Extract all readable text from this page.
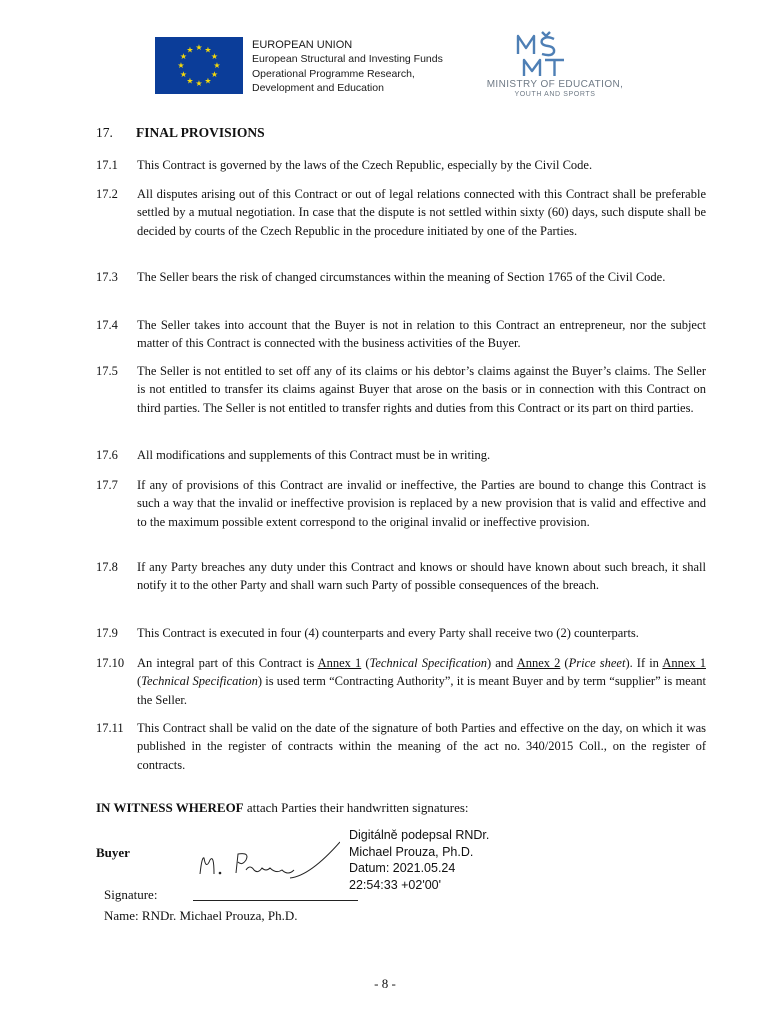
★ ★
★
★
★
★
★
★
★
★
★
★	EUROPEAN UNION
European Structural and Investing Funds
Operational Programme Research,
Development and Education
MŠMT
MINISTRY OF EDUCATION,
YOUTH AND SPORTS
17. FINAL PROVISIONS
17.1 This Contract is governed by the laws of the Czech Republic, especially by the Civil Code.
17.2 All disputes arising out of this Contract or out of legal relations connected with this Contract shall be preferable settled by a mutual negotiation. In case that the dispute is not settled within sixty (60) days, such dispute shall be decided by courts of the Czech Republic in the procedure initiated by one of the Parties.
17.3 The Seller bears the risk of changed circumstances within the meaning of Section 1765 of the Civil Code.
17.4 The Seller takes into account that the Buyer is not in relation to this Contract an entrepreneur, nor the subject matter of this Contract is connected with the business activities of the Buyer.
17.5 The Seller is not entitled to set off any of its claims or his debtor’s claims against the Buyer’s claims. The Seller is not entitled to transfer its claims against Buyer that arose on the basis or in connection with this Contract on third parties. The Seller is not entitled to transfer rights and duties from this Contract or its part on third parties.
17.6 All modifications and supplements of this Contract must be in writing.
17.7 If any of provisions of this Contract are invalid or ineffective, the Parties are bound to change this Contract is such a way that the invalid or ineffective provision is replaced by a new provision that is valid and effective and to the maximum possible extent correspond to the original invalid or ineffective provision.
17.8 If any Party breaches any duty under this Contract and knows or should have known about such breach, it shall notify it to the other Party and shall warn such Party of possible consequences of the breach.
17.9 This Contract is executed in four (4) counterparts and every Party shall receive two (2) counterparts.
17.10 An integral part of this Contract is Annex 1 (Technical Specification) and Annex 2 (Price sheet). If in Annex 1 (Technical Specification) is used term “Contracting Authority”, it is meant Buyer and by term “supplier” is meant the Seller.
17.11 This Contract shall be valid on the date of the signature of both Parties and effective on the day, on which it was published in the register of contracts within the meaning of the act no. 340/2015 Coll., on the register of contracts.
IN WITNESS WHEREOF attach Parties their handwritten signatures:
Buyer
M. Prouza	Digitálně podepsal RNDr.
Michael Prouza, Ph.D.
Datum: 2021.05.24
22:54:33 +02'00'
Signature:
Name: RNDr. Michael Prouza, Ph.D.
- 8 -
